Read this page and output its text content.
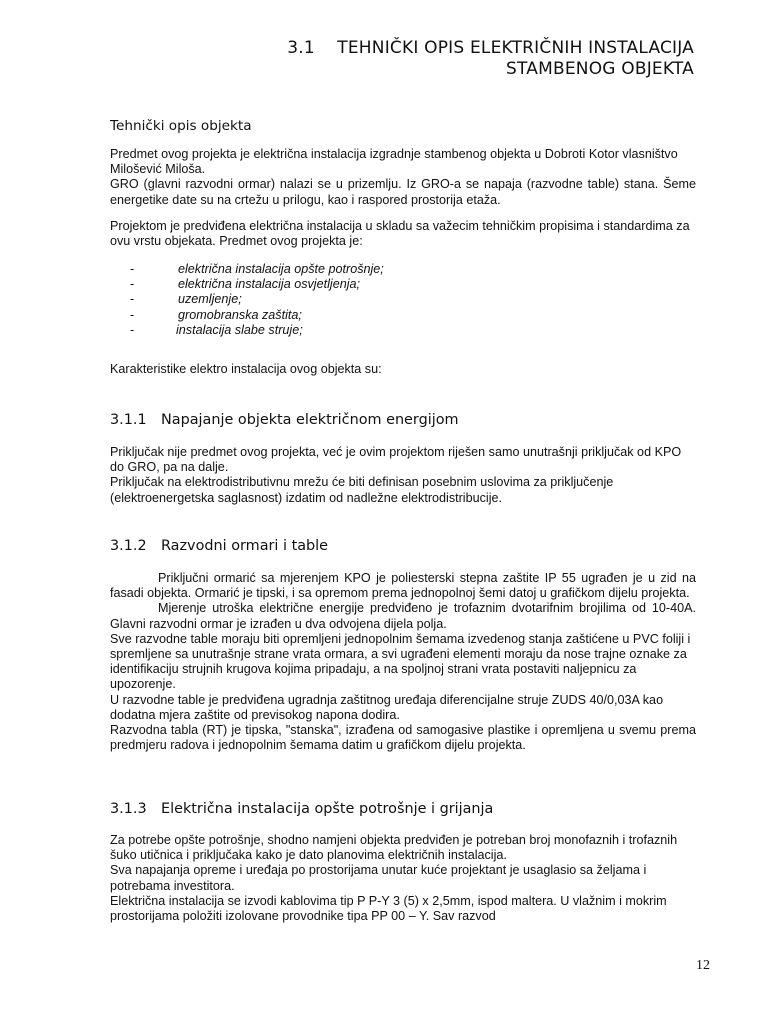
3.1    TEHNIČKI OPIS ELEKTRIČNIH INSTALACIJA
STAMBENOG OBJEKTA
Tehnički opis objekta

Predmet ovog projekta je električna instalacija izgradnje stambenog objekta u Dobroti Kotor vlasništvo Milošević Miloša.

GRO (glavni razvodni ormar) nalazi se u prizemlju. Iz GRO-a se napaja (razvodne table) stana. Šeme energetike date su na crtežu u prilogu, kao i raspored prostorija etaža.

Projektom je predviđena električna instalacija u skladu sa važecim tehničkim propisima i standardima za ovu vrstu objekata. Predmet ovog projekta je:

-	električna instalacija opšte potrošnje;
-	električna instalacija osvjetljenja;
-	uzemljenje;
-	gromobranska zaštita;
-	instalacija slabe struje;

Karakteristike elektro instalacija ovog objekta su:

3.1.1 Napajanje objekta električnom energijom

Priključak nije predmet ovog projekta, već je ovim projektom riješen samo unutrašnji priključak od KPO do GRO, pa na dalje.

Priključak na elektrodistributivnu mrežu će biti definisan posebnim uslovima za priključenje (elektroenergetska saglasnost) izdatim od nadležne elektrodistribucije.

3.1.2 Razvodni ormari i table

Priključni ormarić sa mjerenjem KPO je poliesterski stepna zaštite IP 55 ugrađen je u zid na fasadi objekta. Ormarić je tipski, i sa opremom prema jednopolnoj šemi datoj u grafičkom dijelu projekta.

Mjerenje utroška električne energije predviđeno je trofaznim dvotarifnim brojilima od 10-40A. Glavni razvodni ormar je izrađen u dva odvojena dijela polja.

Sve razvodne table moraju biti opremljeni jednopolnim šemama izvedenog stanja zaštićene u PVC foliji i spremljene sa unutrašnje strane vrata ormara, a svi ugrađeni elementi moraju da nose trajne oznake za identifikaciju strujnih krugova kojima pripadaju, a na spoljnoj strani vrata postaviti naljepnicu za upozorenje.

U razvodne table je predviđena ugradnja zaštitnog uređaja diferencijalne struje ZUDS 40/0,03A kao dodatna mjera zaštite od previsokog napona dodira.

Razvodna tabla (RT) je tipska, "stanska", izrađena od samogasive plastike i opremljena u svemu prema predmjeru radova i jednopolnim šemama datim u grafičkom dijelu projekta.

3.1.3 Električna instalacija opšte potrošnje i grijanja

Za potrebe opšte potrošnje, shodno namjeni objekta predviđen je potreban broj monofaznih i trofaznih šuko utičnica i priključaka kako je dato planovima električnih instalacija.

Sva napajanja opreme i uređaja po prostorijama unutar kuće projektant je usaglasio sa željama i potrebama investitora.

Električna instalacija se izvodi kablovima tip P P-Y 3 (5) x 2,5mm, ispod maltera. U vlažnim i mokrim prostorijama položiti izolovane provodnike tipa PP 00 – Y. Sav razvod

12
